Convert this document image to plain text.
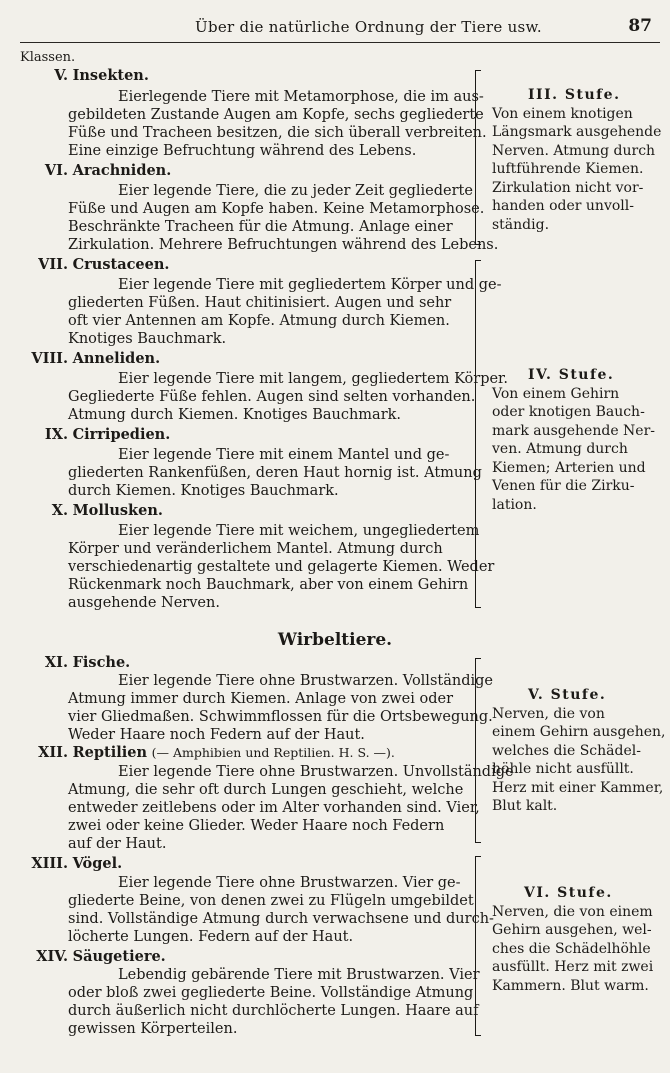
Über die natürliche Ordnung der Tiere usw.	87
Klassen.
V. Insekten.
Eierlegende Tiere mit Metamorphose, die im aus-
gebildeten Zustande Augen am Kopfe, sechs gegliederte
Füße und Tracheen besitzen, die sich überall verbreiten.
Eine einzige Befruchtung während des Lebens.
VI. Arachniden.
Eier legende Tiere, die zu jeder Zeit gegliederte
Füße und Augen am Kopfe haben. Keine Metamorphose.
Beschränkte Tracheen für die Atmung. Anlage einer
Zirkulation. Mehrere Befruchtungen während des Lebens.
VII. Crustaceen.
Eier legende Tiere mit gegliedertem Körper und ge-
gliederten Füßen. Haut chitinisiert. Augen und sehr
oft vier Antennen am Kopfe. Atmung durch Kiemen.
Knotiges Bauchmark.
VIII. Anneliden.
Eier legende Tiere mit langem, gegliedertem Körper.
Gegliederte Füße fehlen. Augen sind selten vorhanden.
Atmung durch Kiemen. Knotiges Bauchmark.
IX. Cirripedien.
Eier legende Tiere mit einem Mantel und ge-
gliederten Rankenfüßen, deren Haut hornig ist. Atmung
durch Kiemen. Knotiges Bauchmark.
X. Mollusken.
Eier legende Tiere mit weichem, ungegliedertem
Körper und veränderlichem Mantel. Atmung durch
verschiedenartig gestaltete und gelagerte Kiemen. Weder
Rückenmark noch Bauchmark, aber von einem Gehirn
ausgehende Nerven.
Wirbeltiere.
XI. Fische.
Eier legende Tiere ohne Brustwarzen. Vollständige
Atmung immer durch Kiemen. Anlage von zwei oder
vier Gliedmaßen. Schwimmflossen für die Ortsbewegung.
Weder Haare noch Federn auf der Haut.
XII. Reptilien (— Amphibien und Reptilien. H. S. —).
Eier legende Tiere ohne Brustwarzen. Unvollständige
Atmung, die sehr oft durch Lungen geschieht, welche
entweder zeitlebens oder im Alter vorhanden sind. Vier,
zwei oder keine Glieder. Weder Haare noch Federn
auf der Haut.
XIII. Vögel.
Eier legende Tiere ohne Brustwarzen. Vier ge-
gliederte Beine, von denen zwei zu Flügeln umgebildet
sind. Vollständige Atmung durch verwachsene und durch-
löcherte Lungen. Federn auf der Haut.
XIV. Säugetiere.
Lebendig gebärende Tiere mit Brustwarzen. Vier
oder bloß zwei gegliederte Beine. Vollständige Atmung
durch äußerlich nicht durchlöcherte Lungen. Haare auf
gewissen Körperteilen.
III. Stufe.
Von einem knotigen
Längsmark ausgehende
Nerven. Atmung durch
luftführende Kiemen.
Zirkulation nicht vor-
handen oder unvoll-
ständig.
IV. Stufe.
Von einem Gehirn
oder knotigen Bauch-
mark ausgehende Ner-
ven. Atmung durch
Kiemen; Arterien und
Venen für die Zirku-
lation.
V. Stufe.
Nerven, die von
einem Gehirn ausgehen,
welches die Schädel-
höhle nicht ausfüllt.
Herz mit einer Kammer,
Blut kalt.
VI. Stufe.
Nerven, die von einem
Gehirn ausgehen, wel-
ches die Schädelhöhle
ausfüllt. Herz mit zwei
Kammern. Blut warm.
